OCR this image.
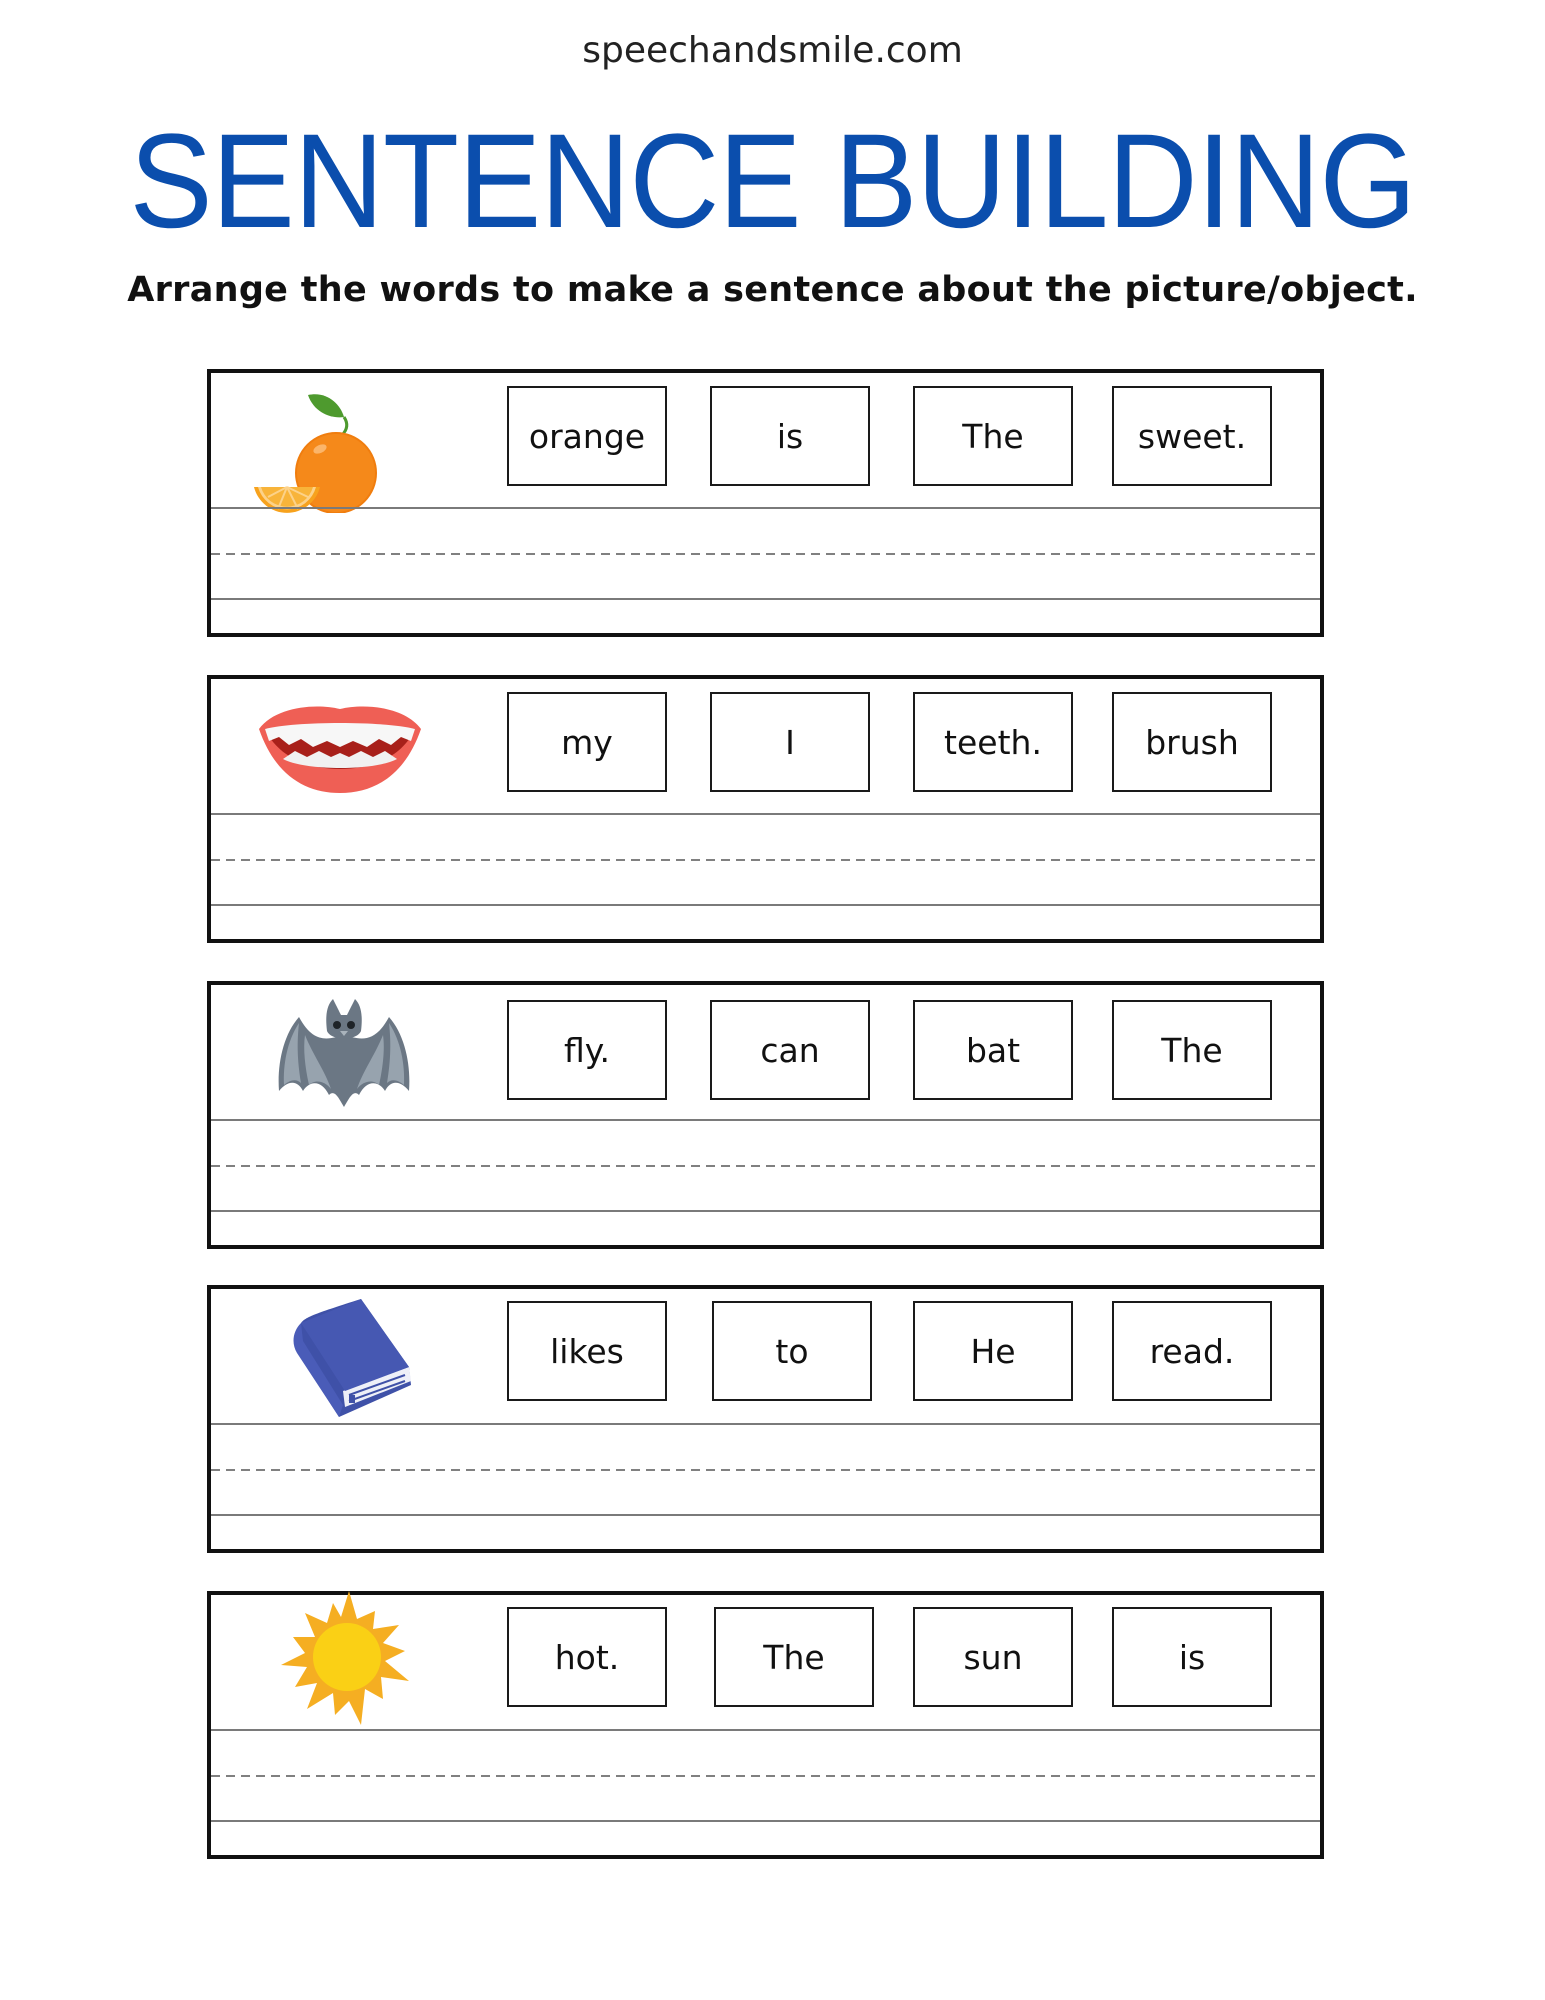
speechandsmile.com
SENTENCE BUILDING
Arrange the words to make a sentence about the picture/object.
orange	is	The	sweet.
my	I	teeth.	brush
fly.	can	bat	The
likes	to	He	read.
hot.	The	sun	is
